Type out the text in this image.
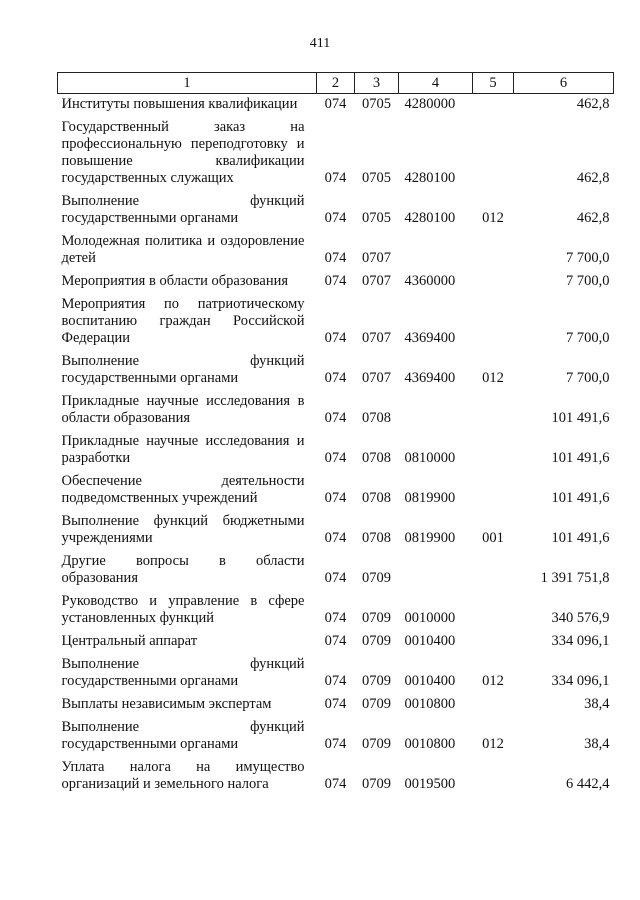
411
1	2	3	4	5	6
Институты повышения квалификации	074	0705	4280000		462,8
Государственный заказ на профессиональную переподготовку и повышение квалификации государственных служащих	074	0705	4280100		462,8
Выполнение функций государственными органами	074	0705	4280100	012	462,8
Молодежная политика и оздоровление детей	074	0707			7 700,0
Мероприятия в области образования	074	0707	4360000		7 700,0
Мероприятия по патриотическому воспитанию граждан Российской Федерации	074	0707	4369400		7 700,0
Выполнение функций государственными органами	074	0707	4369400	012	7 700,0
Прикладные научные исследования в области образования	074	0708			101 491,6
Прикладные научные исследования и разработки	074	0708	0810000		101 491,6
Обеспечение деятельности подведомственных учреждений	074	0708	0819900		101 491,6
Выполнение функций бюджетными учреждениями	074	0708	0819900	001	101 491,6
Другие вопросы в области образования	074	0709			1 391 751,8
Руководство и управление в сфере установленных функций	074	0709	0010000		340 576,9
Центральный аппарат	074	0709	0010400		334 096,1
Выполнение функций государственными органами	074	0709	0010400	012	334 096,1
Выплаты независимым экспертам	074	0709	0010800		38,4
Выполнение функций государственными органами	074	0709	0010800	012	38,4
Уплата налога на имущество организаций и земельного налога	074	0709	0019500		6 442,4
